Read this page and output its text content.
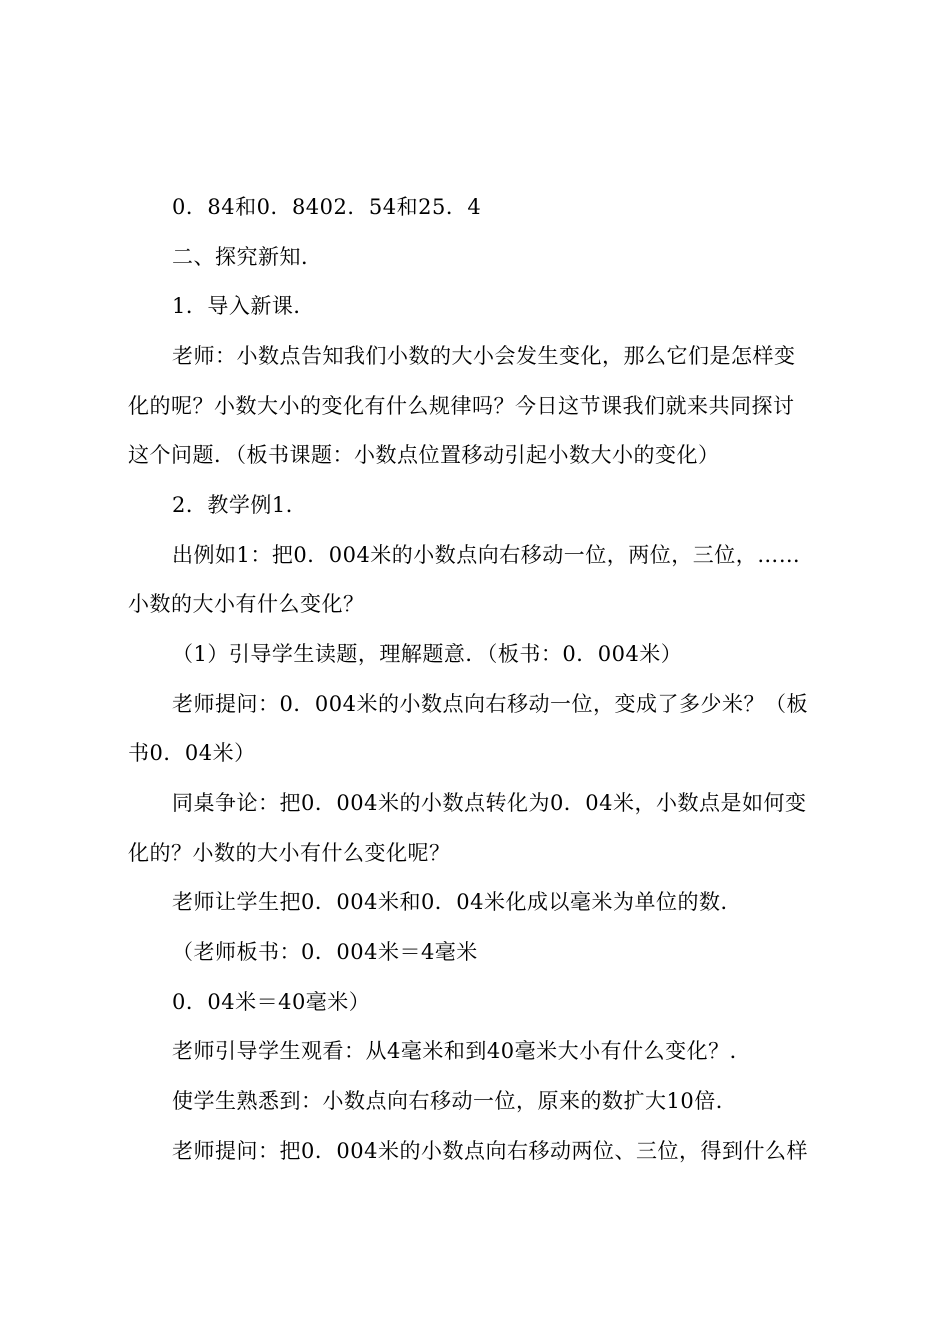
0．84和0．8402．54和25．4
二、探究新知．
1．导入新课．
老师：小数点告知我们小数的大小会发生变化，那么它们是怎样变
化的呢？小数大小的变化有什么规律吗？今日这节课我们就来共同探讨
这个问题．（板书课题：小数点位置移动引起小数大小的变化）
2．教学例1．
出例如1：把0．004米的小数点向右移动一位，两位，三位，……
小数的大小有什么变化？
（1）引导学生读题，理解题意．（板书：0．004米）
老师提问：0．004米的小数点向右移动一位，变成了多少米？（板
书0．04米）
同桌争论：把0．004米的小数点转化为0．04米，小数点是如何变
化的？小数的大小有什么变化呢？
老师让学生把0．004米和0．04米化成以毫米为单位的数．
（老师板书：0．004米＝4毫米
0．04米＝40毫米）
老师引导学生观看：从4毫米和到40毫米大小有什么变化？．
使学生熟悉到：小数点向右移动一位，原来的数扩大10倍．
老师提问：把0．004米的小数点向右移动两位、三位，得到什么样
